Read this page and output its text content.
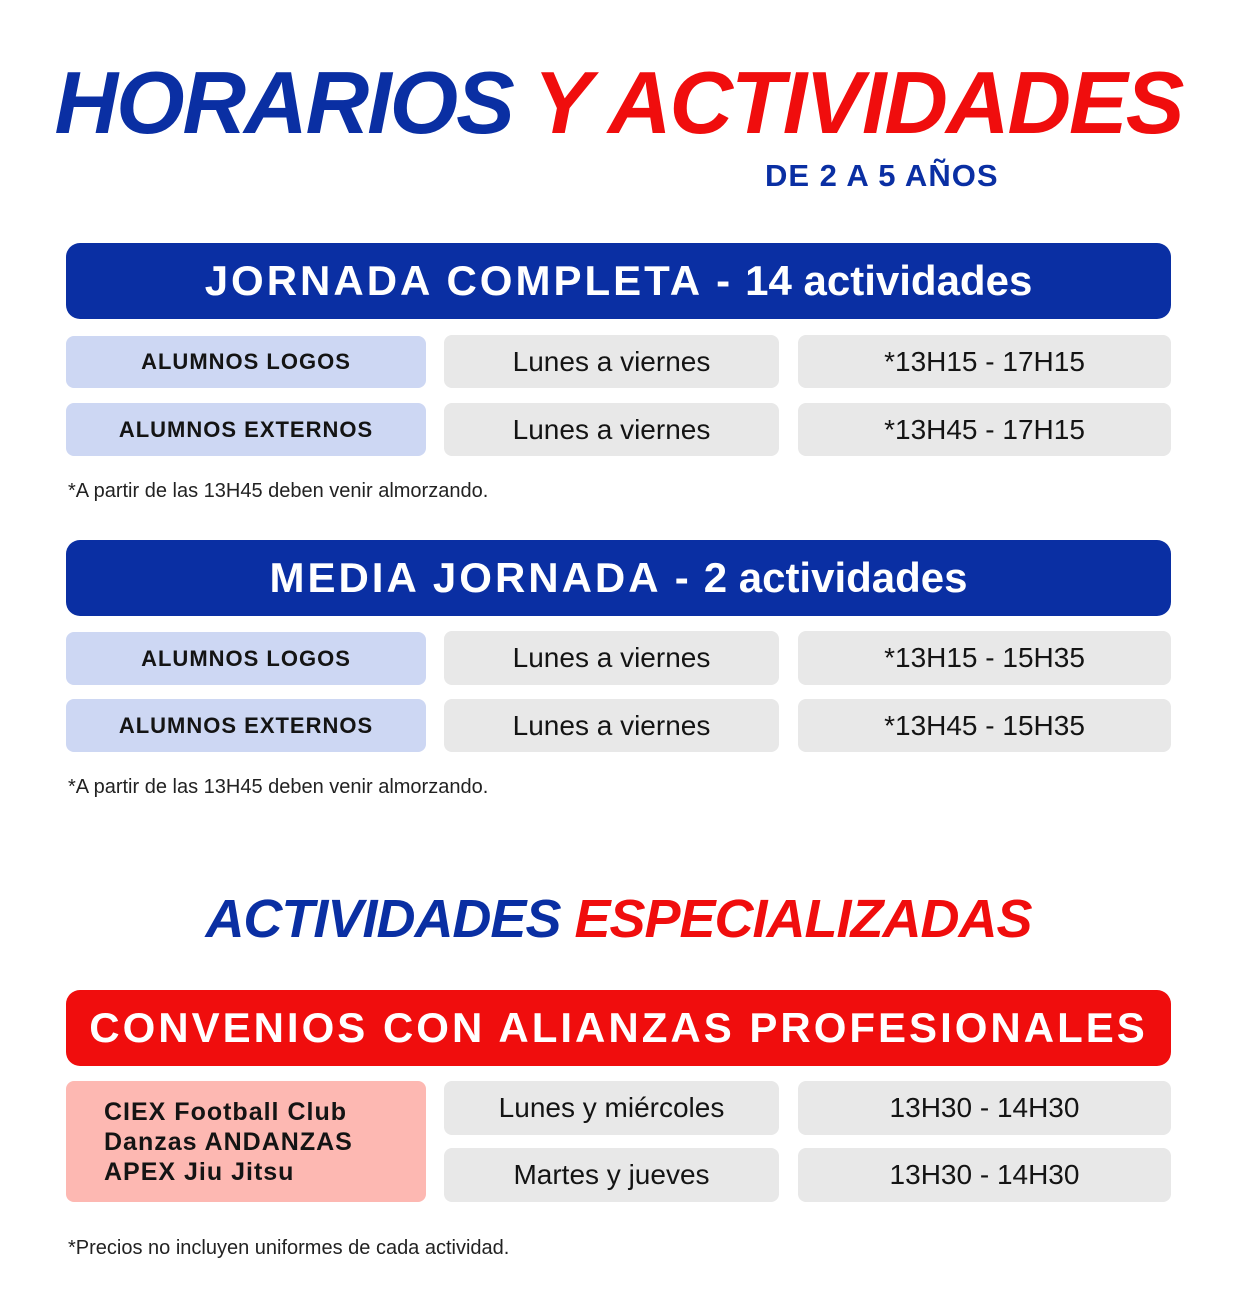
HORARIOS Y ACTIVIDADES
DE 2 A 5 AÑOS
JORNADA COMPLETA - 14 actividades
ALUMNOS LOGOS	Lunes a viernes	*13H15 - 17H15
ALUMNOS EXTERNOS	Lunes a viernes	*13H45 - 17H15
*A partir de las 13H45 deben venir almorzando.
MEDIA JORNADA - 2 actividades
ALUMNOS LOGOS	Lunes a viernes	*13H15 - 15H35
ALUMNOS EXTERNOS	Lunes a viernes	*13H45 - 15H35
*A partir de las 13H45 deben venir almorzando.
ACTIVIDADES ESPECIALIZADAS
CONVENIOS CON ALIANZAS PROFESIONALES
CIEX Football Club
Danzas ANDANZAS
APEX Jiu Jitsu
Lunes y miércoles	13H30 - 14H30
Martes y jueves	13H30 - 14H30
*Precios no incluyen uniformes de cada actividad.
